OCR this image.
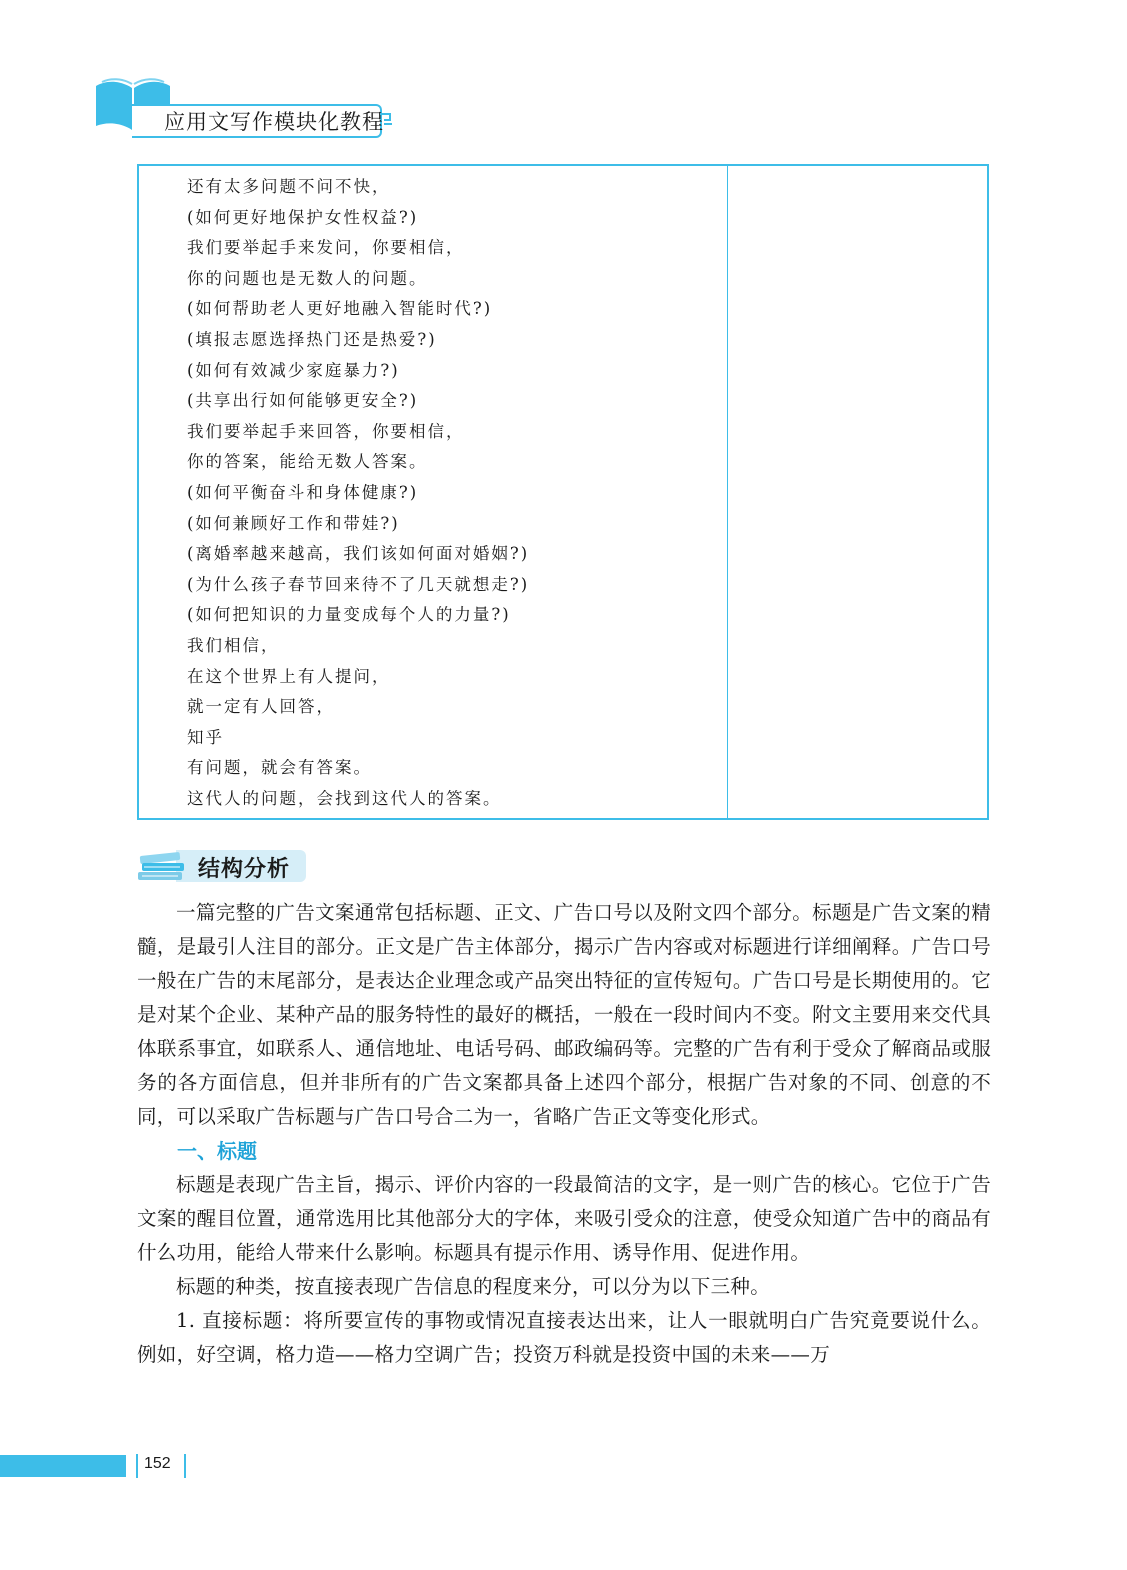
应用文写作模块化教程
还有太多问题不问不快，
(如何更好地保护女性权益?)
我们要举起手来发问，你要相信，
你的问题也是无数人的问题。
(如何帮助老人更好地融入智能时代?)
(填报志愿选择热门还是热爱?)
(如何有效减少家庭暴力?)
(共享出行如何能够更安全?)
我们要举起手来回答，你要相信，
你的答案，能给无数人答案。
(如何平衡奋斗和身体健康?)
(如何兼顾好工作和带娃?)
(离婚率越来越高，我们该如何面对婚姻?)
(为什么孩子春节回来待不了几天就想走?)
(如何把知识的力量变成每个人的力量?)
我们相信，
在这个世界上有人提问，
就一定有人回答，
知乎
有问题，就会有答案。
这代人的问题，会找到这代人的答案。
结构分析

一篇完整的广告文案通常包括标题、正文、广告口号以及附文四个部分。标题是广告文案的精髓，是最引人注目的部分。正文是广告主体部分，揭示广告内容或对标题进行详细阐释。广告口号一般在广告的末尾部分，是表达企业理念或产品突出特征的宣传短句。广告口号是长期使用的。它是对某个企业、某种产品的服务特性的最好的概括，一般在一段时间内不变。附文主要用来交代具体联系事宜，如联系人、通信地址、电话号码、邮政编码等。完整的广告有利于受众了解商品或服务的各方面信息，但并非所有的广告文案都具备上述四个部分，根据广告对象的不同、创意的不同，可以采取广告标题与广告口号合二为一，省略广告正文等变化形式。

一、标题

标题是表现广告主旨，揭示、评价内容的一段最简洁的文字，是一则广告的核心。它位于广告文案的醒目位置，通常选用比其他部分大的字体，来吸引受众的注意，使受众知道广告中的商品有什么功用，能给人带来什么影响。标题具有提示作用、诱导作用、促进作用。

标题的种类，按直接表现广告信息的程度来分，可以分为以下三种。

1. 直接标题：将所要宣传的事物或情况直接表达出来，让人一眼就明白广告究竟要说什么。例如，好空调，格力造——格力空调广告；投资万科就是投资中国的未来——万

152
